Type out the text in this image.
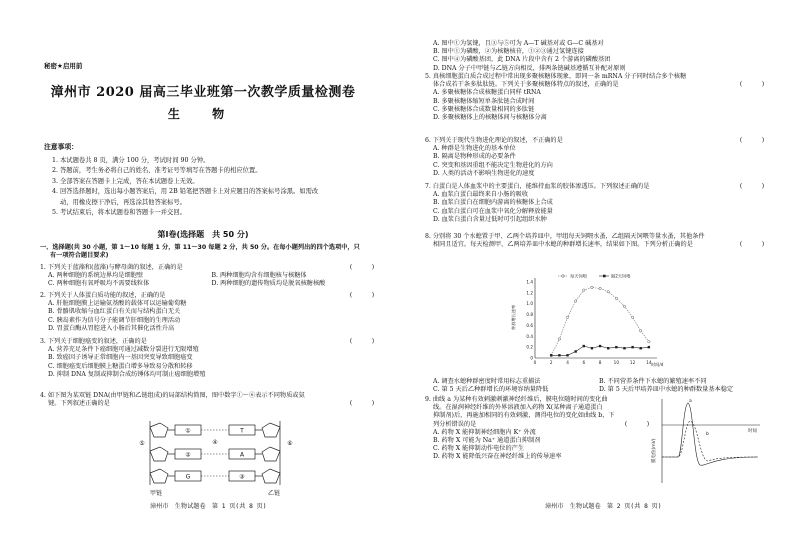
秘密★启用前
漳州市 2020 届高三毕业班第一次教学质量检测卷
生 物
注意事项：

1. 本试题卷共 8 页，满分 100 分，考试时间 90 分钟。

2. 答题前，考生务必将自己的姓名、准考证号等填写在答题卡的相应位置。

3. 全部答案在答题卡上完成，答在本试题卷上无效。

4. 回答选择题时，选出每小题答案后，用 2B 铅笔把答题卡上对应题目的答案标号涂黑。如需改

动，用橡皮擦干净后，再选涂其他答案标号。

5. 考试结束后，将本试题卷和答题卡一并交回。

第Ⅰ卷(选择题　共 50 分)

一、选择题(共 30 小题，第 1～10 每题 1 分，第 11～30 每题 2 分，共 50 分。在每小题列出的四个选项中，只

有一项符合题目要求)

1. 下列关于蓝藻和(蓝藻)与酵母菌的叙述，正确的是	(　　　)
A. 两种细胞的系统边界均是细胞壁	B. 两种细胞均含有细胞核与核糖体
C. 两种细胞有氧呼吸均不需要线粒体	D. 两种细胞的遗传物质均是脱氧核糖核酸
2. 下列关于人体蛋白质功能的叙述，正确的是	(　　　)

A. 肝脏细胞膜上运输氨基酸的载体可以运输葡萄糖

B. 骨骼肌收缩与血红蛋白有关而与结构蛋白无关

C. 胰岛素作为信号分子能调节肝细胞的生理活动

D. 胃蛋白酶从胃腔进入小肠后其催化活性升高

3. 下列关于细胞癌变的叙述，正确的是	(　　　)

A. 营养充足条件下癌细胞可通过减数分裂进行无限增殖

B. 致癌因子诱导正常细胞内一基因突变导致细胞癌变

C. 细胞癌变后细胞膜上糖蛋白增多导致易分散和转移

D. 抑制 DNA 复制或抑制合成纺锤体均可制止癌细胞增殖

4. 如下图为某双链 DNA(由甲链和乙链组成)的局部结构简图，图中数字①～⑥表示不同物质或氨

键。下列叙述正确的是	(　　　)
①	T
②	A
G	③
④
⑤	⑥
甲链	乙链
漳州市　生物试题卷　第 1 页(共 8 页)

A. 图中①为氢键，且③与⑤可为 A—T 碱基对或 G—C 碱基对

B. 图中①为磷酸，②为核糖核苷，①②③通过氢键连接

C. 图中④为磷酸基团，此 DNA 片段中含有 2 个游离的磷酸基团

D. DNA 分子中甲链与乙链方向相反，排两条链碱基遵循互补配对原则

5. 真核细胞蛋白质合成过程中常出现多聚核糖体现象，即同一条 mRNA 分子同时结合多个核糖

体合成若干条多肽肽链。下列关于多聚核糖体特点的叙述，正确的是	(　　　)

A. 多聚核糖体合成核糖蛋白同样 tRNA

B. 多聚核糖体缩短单条肽链合成时间

C. 多聚核糖体合成数量相同的多肽链

D. 多聚核糖体上的核糖体间与核糖体分离

6. 下列关于现代生物进化理论的叙述，不正确的是	(　　　)

A. 种群是生物进化的基本单位

B. 隔离是物种形成的必要条件

C. 突变和基因重组不能决定生物进化的方向

D. 人类的活动不影响生物进化的速度

7. 白蛋白是人体血浆中的主要蛋白，能维持血浆的胶体渗透压。下列叙述正确的是	(　　　)

A. 血浆白蛋白最终来自小肠的吸收

B. 血浆白蛋白在细胞内游离的核糖体上合成

C. 血浆白蛋白可在血浆中氧化分解释放能量

D. 血浆白蛋白含量过低时可引起组织水肿

8. 分别将 30 个水螅置于甲、乙两个培养皿中，甲组每天饲喂水蚤，乙组隔天饲喂等量水蚤，其他条件

相同且适宜。每天检测甲、乙两培养皿中水螅的种群增长速率，结果如下图。下列分析正确的是	(　　　)
1.4
1.2
1.0
0.8
0.6
0.4
0.2
0
0	2	4	6	8	10	12	14
每天饲喂	隔2天饲喂
时间/d
种群增长速率
A. 调查水螅种群密度时常用标志重捕法	B. 不同营养条件下水螅的繁殖速率不同
C. 第 5 天后乙种群增长的环境容纳量降低	D. 第 5 天后甲培养皿中水螅的种群数量基本稳定

9. 曲线 a 为某种有效刺激刺激神经纤维后，膜电位随时间的变化曲

线。在湿润神经纤维的外界溶液加入药物 X(某种离子通道蛋白

抑制剂)后，再施加相同的有效刺激，测得电位的变化如曲线 b，下

列分析错误的是	(　　　)

A. 药物 X 能抑制神经细胞内 K⁺ 外流

B. 药物 X 可能为 Na⁺ 通道蛋白抑制剂

C. 药物 X 能抑制动作电位的产生

D. 药物 X 能降低兴奋在神经纤维上的传导速率

a
b
时间
膜电位(mV)
漳州市　生物试题卷　第 2 页(共 8 页)
